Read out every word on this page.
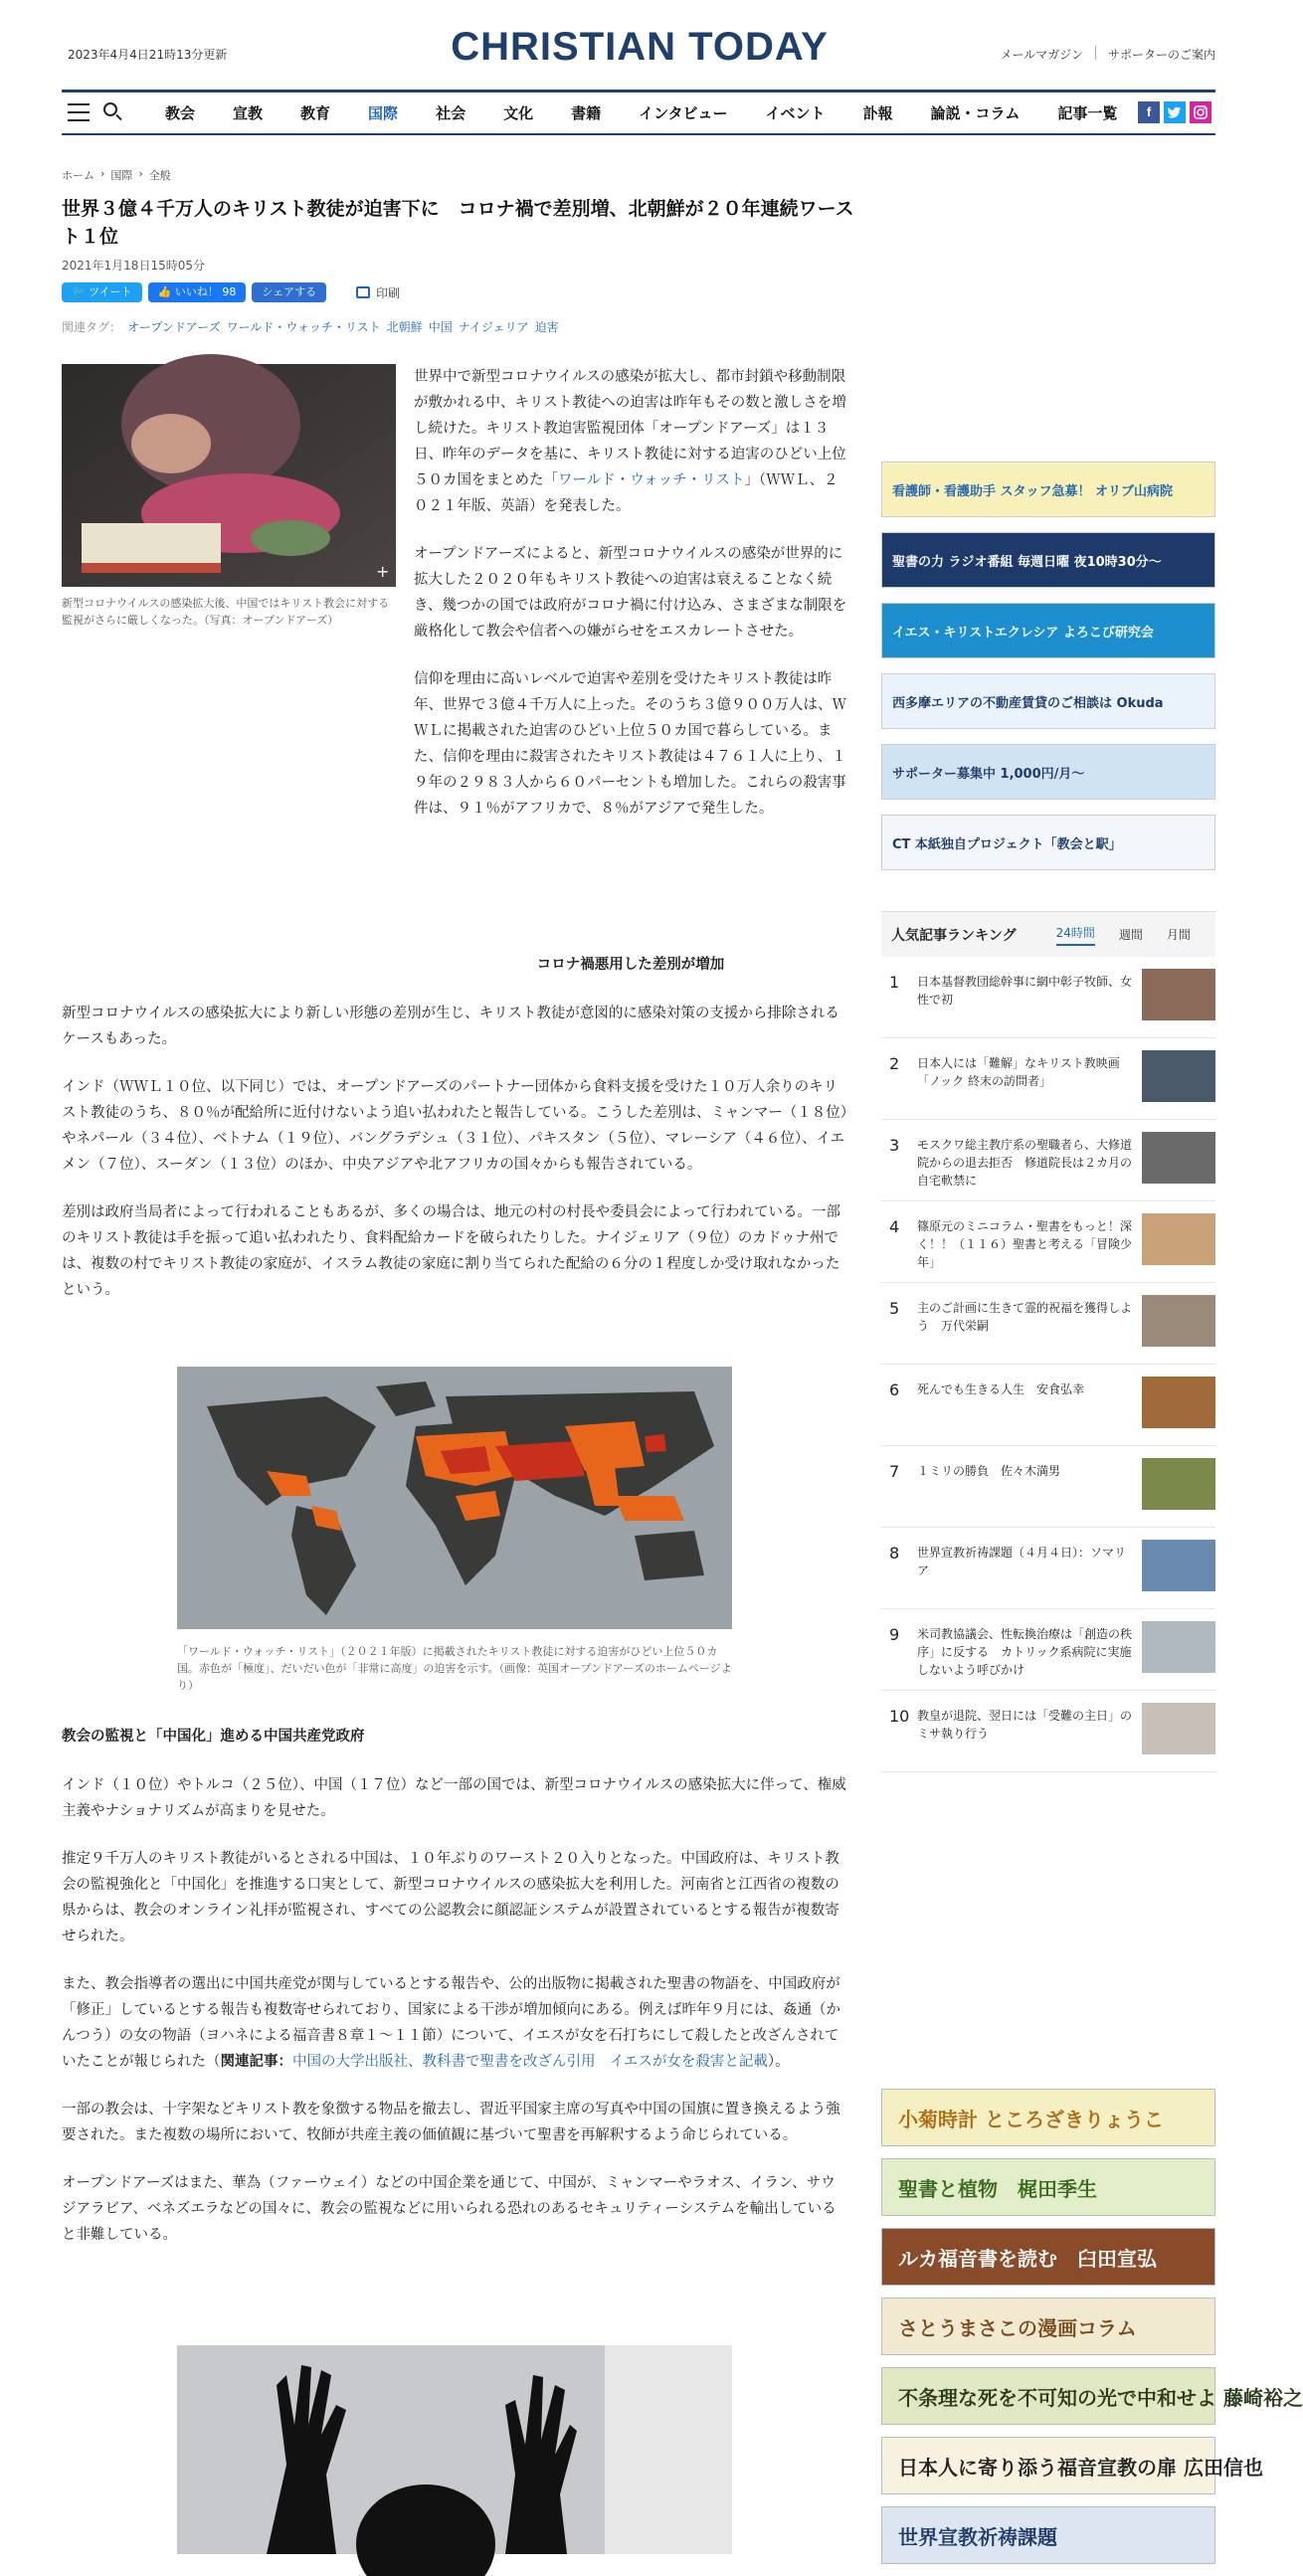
2023年4月4日21時13分更新	CHRISTIAN TODAY	メールマガジン サポーターのご案内
教会	宣教	教育	国際	社会	文化	書籍	インタビュー	イベント	訃報	論説・コラム	記事一覧	f
ホーム › 国際 › 全般
世界３億４千万人のキリスト教徒が迫害下に　コロナ禍で差別増、北朝鮮が２０年連続ワースト１位
2021年1月18日15時05分
🐦 ツイート	👍 いいね！ 98	シェアする	印刷
関連タグ： オープンドアーズ ワールド・ウォッチ・リスト 北朝鮮 中国 ナイジェリア 迫害
+
新型コロナウイルスの感染拡大後、中国ではキリスト教会に対する監視がさらに厳しくなった。（写真：オープンドアーズ）

世界中で新型コロナウイルスの感染が拡大し、都市封鎖や移動制限が敷かれる中、キリスト教徒への迫害は昨年もその数と激しさを増し続けた。キリスト教迫害監視団体「オープンドアーズ」は１３日、昨年のデータを基に、キリスト教徒に対する迫害のひどい上位５０カ国をまとめた「ワールド・ウォッチ・リスト」（ＷＷＬ、２０２１年版、英語）を発表した。

オープンドアーズによると、新型コロナウイルスの感染が世界的に拡大した２０２０年もキリスト教徒への迫害は衰えることなく続き、幾つかの国では政府がコロナ禍に付け込み、さまざまな制限を厳格化して教会や信者への嫌がらせをエスカレートさせた。

信仰を理由に高いレベルで迫害や差別を受けたキリスト教徒は昨年、世界で３億４千万人に上った。そのうち３億９００万人は、ＷＷＬに掲載された迫害のひどい上位５０カ国で暮らしている。また、信仰を理由に殺害されたキリスト教徒は４７６１人に上り、１９年の２９８３人から６０パーセントも増加した。これらの殺害事件は、９１％がアフリカで、８％がアジアで発生した。

コロナ禍悪用した差別が増加

新型コロナウイルスの感染拡大により新しい形態の差別が生じ、キリスト教徒が意図的に感染対策の支援から排除されるケースもあった。

インド（ＷＷＬ１０位、以下同じ）では、オープンドアーズのパートナー団体から食料支援を受けた１０万人余りのキリスト教徒のうち、８０％が配給所に近付けないよう追い払われたと報告している。こうした差別は、ミャンマー（１８位）やネパール（３４位）、ベトナム（１９位）、バングラデシュ（３１位）、パキスタン（５位）、マレーシア（４６位）、イエメン（７位）、スーダン（１３位）のほか、中央アジアや北アフリカの国々からも報告されている。

差別は政府当局者によって行われることもあるが、多くの場合は、地元の村の村長や委員会によって行われている。一部のキリスト教徒は手を振って追い払われたり、食料配給カードを破られたりした。ナイジェリア（９位）のカドゥナ州では、複数の村でキリスト教徒の家庭が、イスラム教徒の家庭に割り当てられた配給の６分の１程度しか受け取れなかったという。

「ワールド・ウォッチ・リスト」（２０２１年版）に掲載されたキリスト教徒に対する迫害がひどい上位５０カ国。赤色が「極度」、だいだい色が「非常に高度」の迫害を示す。（画像：英国オープンドアーズのホームページより）
教会の監視と「中国化」進める中国共産党政府

インド（１０位）やトルコ（２５位）、中国（１７位）など一部の国では、新型コロナウイルスの感染拡大に伴って、権威主義やナショナリズムが高まりを見せた。

推定９千万人のキリスト教徒がいるとされる中国は、１０年ぶりのワースト２０入りとなった。中国政府は、キリスト教会の監視強化と「中国化」を推進する口実として、新型コロナウイルスの感染拡大を利用した。河南省と江西省の複数の県からは、教会のオンライン礼拝が監視され、すべての公認教会に顔認証システムが設置されているとする報告が複数寄せられた。

また、教会指導者の選出に中国共産党が関与しているとする報告や、公的出版物に掲載された聖書の物語を、中国政府が「修正」しているとする報告も複数寄せられており、国家による干渉が増加傾向にある。例えば昨年９月には、姦通（かんつう）の女の物語（ヨハネによる福音書８章１～１１節）について、イエスが女を石打ちにして殺したと改ざんされていたことが報じられた（関連記事：中国の大学出版社、教科書で聖書を改ざん引用　イエスが女を殺害と記載）。

一部の教会は、十字架などキリスト教を象徴する物品を撤去し、習近平国家主席の写真や中国の国旗に置き換えるよう強要された。また複数の場所において、牧師が共産主義の価値観に基づいて聖書を再解釈するよう命じられている。

オープンドアーズはまた、華為（ファーウェイ）などの中国企業を通じて、中国が、ミャンマーやラオス、イラン、サウジアラビア、ベネズエラなどの国々に、教会の監視などに用いられる恐れのあるセキュリティーシステムを輸出していると非難している。

看護師・看護助手 スタッフ急募！ オリブ山病院
聖書の力 ラジオ番組 毎週日曜 夜10時30分〜
イエス・キリストエクレシア よろこび研究会
西多摩エリアの不動産賃貸のご相談は Okuda
サポーター募集中 1,000円/月〜
CT 本紙独自プロジェクト「教会と駅」
人気記事ランキング	24時間 週間 月間
1 日本基督教団総幹事に網中彰子牧師、女性で初
2 日本人には「難解」なキリスト教映画「ノック 終末の訪問者」
3 モスクワ総主教庁系の聖職者ら、大修道院からの退去拒否　修道院長は２カ月の自宅軟禁に
4 篠原元のミニコラム・聖書をもっと！深く！！（１１６）聖書と考える「冒険少年」
5 主のご計画に生きて霊的祝福を獲得しよう　万代栄嗣
6 死んでも生きる人生　安食弘幸
7 １ミリの勝負　佐々木満男
8 世界宣教祈祷課題（４月４日）：ソマリア
9 米司教協議会、性転換治療は「創造の秩序」に反する　カトリック系病院に実施しないよう呼びかけ
10 教皇が退院、翌日には「受難の主日」のミサ執り行う
小菊時計 ところざきりょうこ
聖書と植物　梶田季生
ルカ福音書を読む　臼田宣弘
さとうまさこの漫画コラム
不条理な死を不可知の光で中和せよ 藤崎裕之
日本人に寄り添う福音宣教の扉 広田信也
世界宣教祈祷課題
